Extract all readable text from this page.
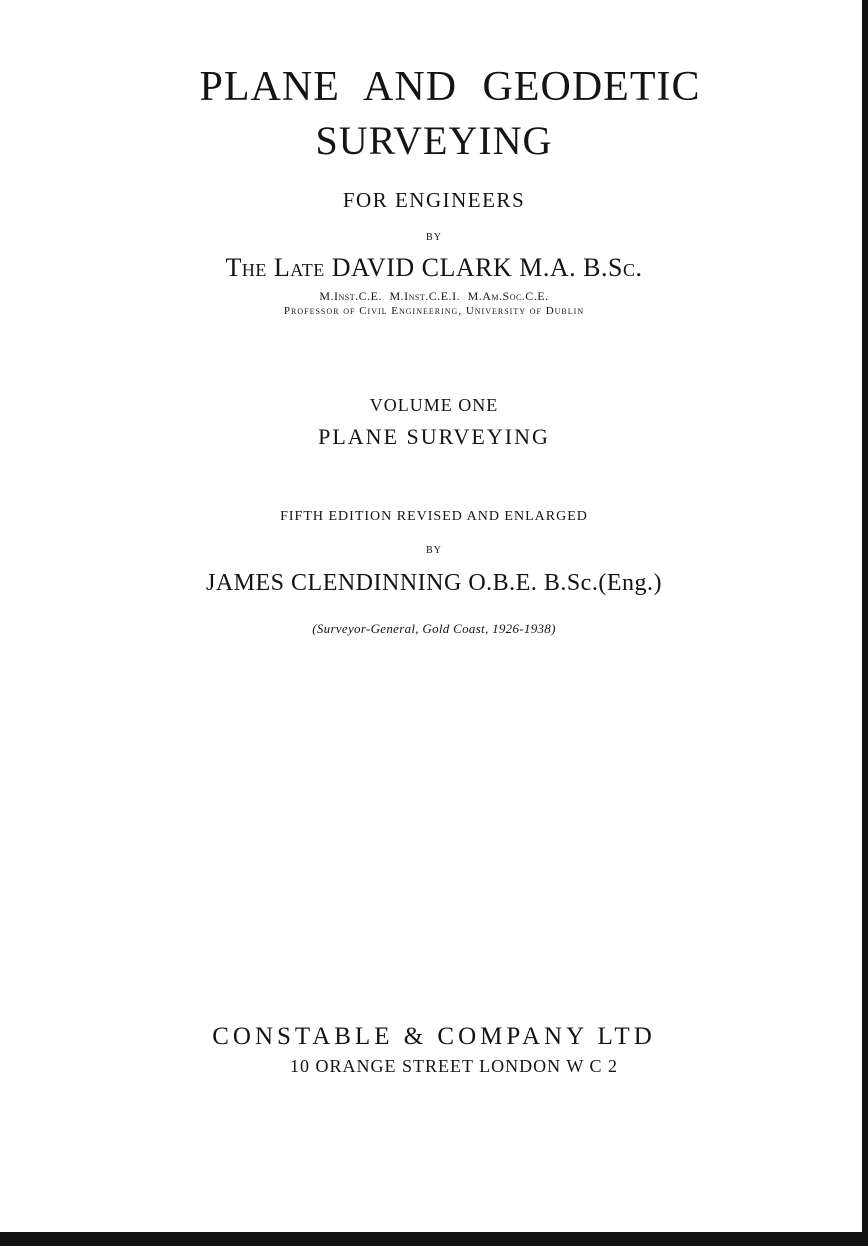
PLANE AND GEODETIC
SURVEYING
FOR ENGINEERS
BY
The Late DAVID CLARK M.A. B.Sc.
M.Inst.C.E. M.Inst.C.E.I. M.Am.Soc.C.E.
Professor of Civil Engineering, University of Dublin
VOLUME ONE
PLANE SURVEYING
FIFTH EDITION REVISED AND ENLARGED
BY
JAMES CLENDINNING O.B.E. B.Sc.(Eng.)
(Surveyor-General, Gold Coast, 1926-1938)
CONSTABLE & COMPANY LTD
10 ORANGE STREET LONDON W C 2
